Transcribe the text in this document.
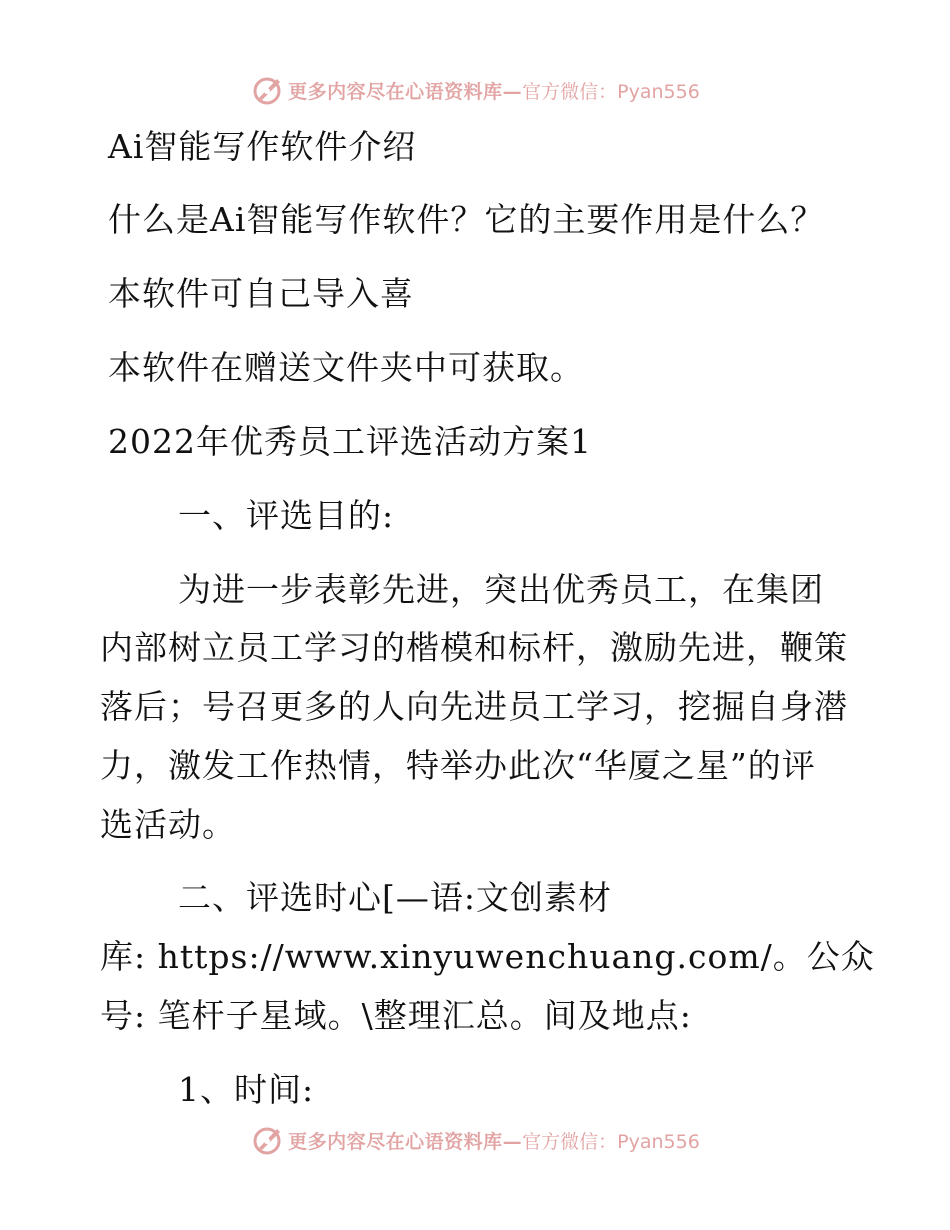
更多内容尽在心语资料库— 官方微信：Pyan556
Ai智能写作软件介绍
什么是Ai智能写作软件？它的主要作用是什么？
本软件可自己导入喜
本软件在赠送文件夹中可获取。
2022年优秀员工评选活动方案1
一、评选目的:
为进一步表彰先进，突出优秀员工，在集团
内部树立员工学习的楷模和标杆，激励先进，鞭策
落后；号召更多的人向先进员工学习，挖掘自身潜
力，激发工作热情，特举办此次“华厦之星”的评
选活动。
二、评选时心[—语:文创素材
库: https://www.xinyuwenchuang.com/。公众
号: 笔杆子星域。\整理汇总。间及地点:
1、时间:
更多内容尽在心语资料库— 官方微信：Pyan556
